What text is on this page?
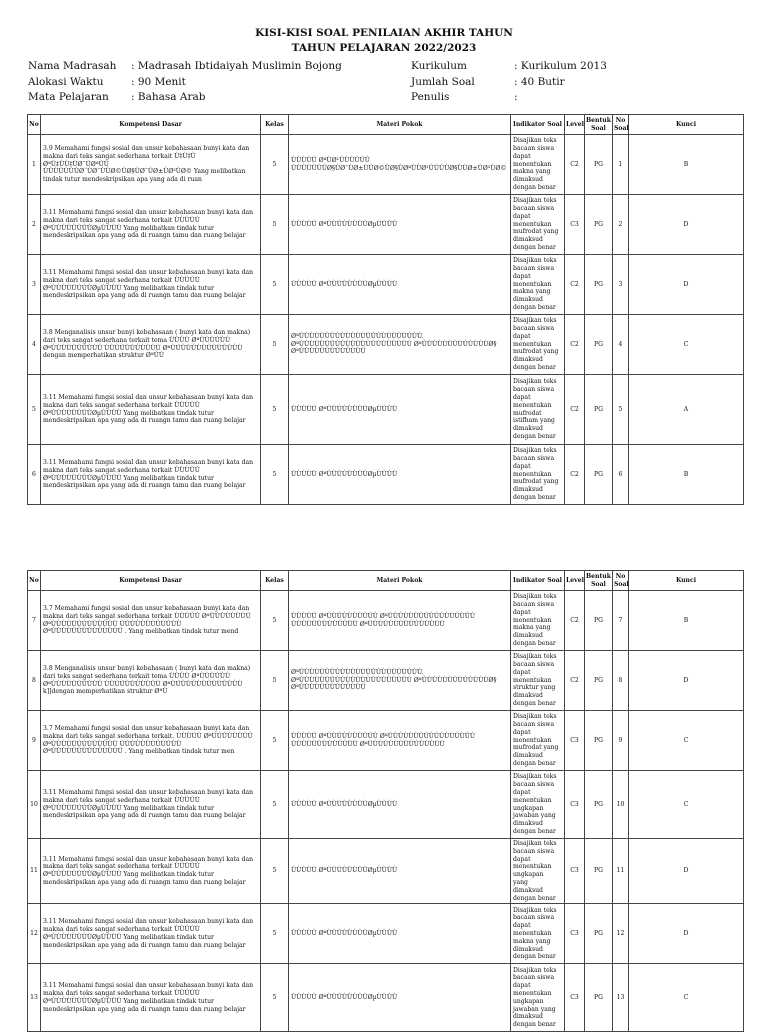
KISI-KISI SOAL PENILAIAN AKHIR TAHUN
TAHUN PELAJARAN 2022/2023
Nama Madrasah : Madrasah Ibtidaiyah Muslimin Bojong	Kurikulum	: Kurikulum 2013
Alokasi Waktu	: 90 Menit	Jumlah Soal	: 40 Butir
Mata Pelajaran : Bahasa Arab	Penulis	:
No	Kompetensi Dasar	Kelas	Materi Pokok	Indikator Soal	Level	Bentuk Soal	No Soal	Kunci
1	3.9 Memahami fungsi sosial dan unsur kebahasaan bunyi kata dan makna dari teks sangat sederhana terkait Ù‡Ù‡Ù ØªÙ‡ÙÙ‡ÙØ¯ÙØªÙÙ ÙÙÙÙÙÙÙØ¨ÙØ¯ÙÙØ©ÙØ§ÙØ¯ÙØ±ÙØ³ÙØ© Yang melibatkan tindak tutur mendeskripsikan apa yang ada di ruan	5	ÙÙÙÙÙ ØªÙØ¹ÙÙÙÙÙÙ ÙÙÙÙÙÙÙØ§ÙØ¯ÙØ±ÙÙØ©ÙØ§ÙØªÙÙØ¹ÙÙÙÙØ§ÙÙØ±ÙØ³ÙØ©	Disajikan teks bacaan siswa dapat menentukan makna yang dimaksud dengan benar	C2	PG	1	B
2	3.11 Memahami fungsi sosial dan unsur kebahasaan bunyi kata dan makna dari teks sangat sederhana terkait ÙÙÙÙÙ ØªÙÙÙÙÙÙÙÙØµÙÙÙÙ Yang melibatkan tindak tutur mendeskripsikan apa yang ada di ruangn tamu dan ruang belajar	5	ÙÙÙÙÙ ØªÙÙÙÙÙÙÙÙØµÙÙÙÙ	Disajikan teks bacaan siswa dapat menentukan mufrodat yang dimaksud dengan benar	C3	PG	2	D
3	3.11 Memahami fungsi sosial dan unsur kebahasaan bunyi kata dan makna dari teks sangat sederhana terkait ÙÙÙÙÙ ØªÙÙÙÙÙÙÙÙØµÙÙÙÙ Yang melibatkan tindak tutur mendeskripsikan apa yang ada di ruangn tamu dan ruang belajar	5	ÙÙÙÙÙ ØªÙÙÙÙÙÙÙÙØµÙÙÙÙ	Disajikan teks bacaan siswa dapat menentukan makna yang dimaksud dengan benar	C2	PG	3	D
4	3.8 Menganalisis unsur bunyi kebahasaan ( bunyi kata dan makna) dari teks sangat sederhana terkait tema ÙÙÙÙ ØªÙÙÙÙÙÙ ØªÙÙÙÙÙÙÙÙÙÙ ÙÙÙÙÙÙÙÙÙÙÙ ØªÙÙÙÙÙÙÙÙÙÙÙÙÙÙ dengan memperhatikan struktur ØªÙÙ	5	ØªÙÙÙÙÙÙÙÙÙÙÙÙÙÙÙÙÙÙÙÙÙÙÙÙ. ØªÙÙÙÙÙÙÙÙÙÙÙÙÙÙÙÙÙÙÙÙÙÙ ØªÙÙÙÙÙÙÙÙÙÙÙÙÙØ§ ØªÙÙÙÙÙÙÙÙÙÙÙÙÙ	Disajikan teks bacaan siswa dapat menentukan mufrodat yang dimaksud dengan benar	C2	PG	4	C
5	3.11 Memahami fungsi sosial dan unsur kebahasaan bunyi kata dan makna dari teks sangat sederhana terkait ÙÙÙÙÙ ØªÙÙÙÙÙÙÙÙØµÙÙÙÙ Yang melibatkan tindak tutur mendeskripsikan apa yang ada di ruangn tamu dan ruang belajar	5	ÙÙÙÙÙ ØªÙÙÙÙÙÙÙÙØµÙÙÙÙ	Disajikan teks bacaan siswa dapat menentukan mufrodat istifham yang dimaksud dengan benar	C2	PG	5	A
6	3.11 Memahami fungsi sosial dan unsur kebahasaan bunyi kata dan makna dari teks sangat sederhana terkait ÙÙÙÙÙ ØªÙÙÙÙÙÙÙÙØµÙÙÙÙ Yang melibatkan tindak tutur mendeskripsikan apa yang ada di ruangn tamu dan ruang belajar	5	ÙÙÙÙÙ ØªÙÙÙÙÙÙÙÙØµÙÙÙÙ	Disajikan teks bacaan siswa dapat menentukan mufrodat yang dimaksud dengan benar	C2	PG	6	B
No	Kompetensi Dasar	Kelas	Materi Pokok	Indikator Soal	Level	Bentuk Soal	No Soal	Kunci
7	3.7 Memahami fungsi sosial dan unsur kebahasaan bunyi kata dan makna dari teks sangat sederhana terkait ÙÙÙÙÙ ØªÙÙÙÙÙÙÙÙ ØªÙÙÙÙÙÙÙÙÙÙÙÙÙ ÙÙÙÙÙÙÙÙÙÙÙÙ ØªÙÙÙÙÙÙÙÙÙÙÙÙÙÙ . Yang melibatkan tindak tutur mend	5	ÙÙÙÙÙ ØªÙÙÙÙÙÙÙÙÙÙ ØªÙÙÙÙÙÙÙÙÙÙÙÙÙÙÙÙÙ ÙÙÙÙÙÙÙÙÙÙÙÙÙ ØªÙÙÙÙÙÙÙÙÙÙÙÙÙÙÙ	Disajikan teks bacaan siswa dapat menentukan makna yang dimaksud dengan benar	C2	PG	7	B
8	3.8 Menganalisis unsur bunyi kebahasaan ( bunyi kata dan makna) dari teks sangat sederhana terkait tema ÙÙÙÙ ØªÙÙÙÙÙÙ ØªÙÙÙÙÙÙÙÙÙÙ ÙÙÙÙÙÙÙÙÙÙÙ ØªÙÙÙÙÙÙÙÙÙÙÙÙÙÙ k]]dengan memperhatikan struktur ØªÙ	5	ØªÙÙÙÙÙÙÙÙÙÙÙÙÙÙÙÙÙÙÙÙÙÙÙÙ. ØªÙÙÙÙÙÙÙÙÙÙÙÙÙÙÙÙÙÙÙÙÙÙ ØªÙÙÙÙÙÙÙÙÙÙÙÙÙØ§ ØªÙÙÙÙÙÙÙÙÙÙÙÙÙ	Disajikan teks bacaan siswa dapat menentukan struktur yang dimaksud dengan benar	C2	PG	8	D
9	3.7 Memahami fungsi sosial dan unsur kebahasaan bunyi kata dan makna dari teks sangat sederhana terkait. ÙÙÙÙÙ ØªÙÙÙÙÙÙÙÙ ØªÙÙÙÙÙÙÙÙÙÙÙÙÙ ÙÙÙÙÙÙÙÙÙÙÙÙ ØªÙÙÙÙÙÙÙÙÙÙÙÙÙÙ . Yang melibatkan tindak tutur men	5	ÙÙÙÙÙ ØªÙÙÙÙÙÙÙÙÙÙ ØªÙÙÙÙÙÙÙÙÙÙÙÙÙÙÙÙÙ ÙÙÙÙÙÙÙÙÙÙÙÙÙ ØªÙÙÙÙÙÙÙÙÙÙÙÙÙÙÙ	Disajikan teks bacaan siswa dapat menentukan mufrodat yang dimaksud dengan benar	C3	PG	9	C
10	3.11 Memahami fungsi sosial dan unsur kebahasaan bunyi kata dan makna dari teks sangat sederhana terkait ÙÙÙÙÙ ØªÙÙÙÙÙÙÙÙØµÙÙÙÙ Yang melibatkan tindak tutur mendeskripsikan apa yang ada di ruangn tamu dan ruang belajar	5	ÙÙÙÙÙ ØªÙÙÙÙÙÙÙÙØµÙÙÙÙ	Disajikan teks bacaan siswa dapat menentukan ungkapan jawaban yang dimaksud dengan benar	C3	PG	10	C
11	3.11 Memahami fungsi sosial dan unsur kebahasaan bunyi kata dan makna dari teks sangat sederhana terkait ÙÙÙÙÙ ØªÙÙÙÙÙÙÙÙØµÙÙÙÙ Yang melibatkan tindak tutur mendeskripsikan apa yang ada di ruangn tamu dan ruang belajar	5	ÙÙÙÙÙ ØªÙÙÙÙÙÙÙÙØµÙÙÙÙ	Disajikan teks bacaan siswa dapat menentukan ungkapan yang dimaksud dengan benar	C3	PG	11	D
12	3.11 Memahami fungsi sosial dan unsur kebahasaan bunyi kata dan makna dari teks sangat sederhana terkait ÙÙÙÙÙ ØªÙÙÙÙÙÙÙÙØµÙÙÙÙ Yang melibatkan tindak tutur mendeskripsikan apa yang ada di ruangn tamu dan ruang belajar	5	ÙÙÙÙÙ ØªÙÙÙÙÙÙÙÙØµÙÙÙÙ	Disajikan teks bacaan siswa dapat menentukan makna yang dimaksud dengan benar	C3	PG	12	D
13	3.11 Memahami fungsi sosial dan unsur kebahasaan bunyi kata dan makna dari teks sangat sederhana terkait ÙÙÙÙÙ ØªÙÙÙÙÙÙÙÙØµÙÙÙÙ Yang melibatkan tindak tutur mendeskripsikan apa yang ada di ruangn tamu dan ruang belajar	5	ÙÙÙÙÙ ØªÙÙÙÙÙÙÙÙØµÙÙÙÙ	Disajikan teks bacaan siswa dapat menentukan ungkapan jawaban yang dimaksud dengan benar	C3	PG	13	C
